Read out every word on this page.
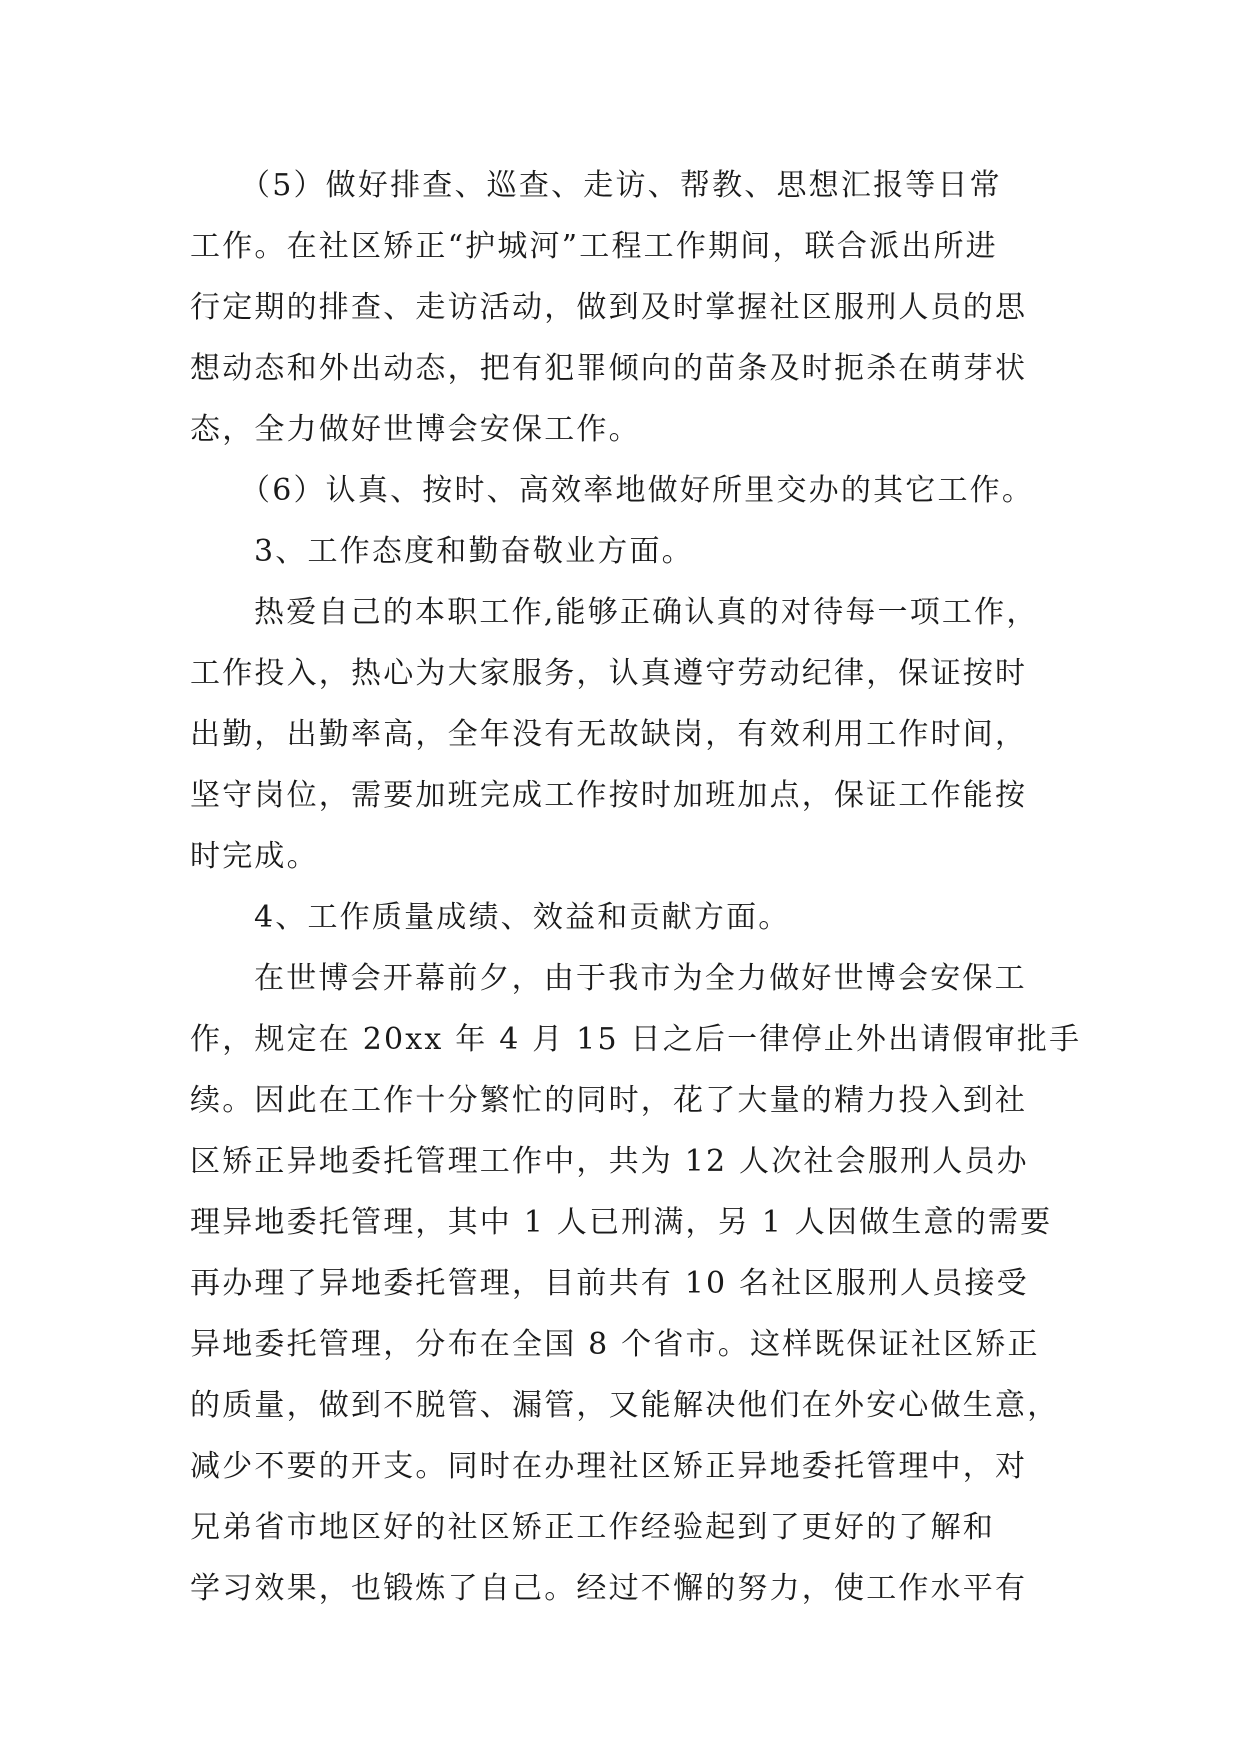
（5）做好排查、巡查、走访、帮教、思想汇报等日常
工作。在社区矫正“护城河”工程工作期间，联合派出所进
行定期的排查、走访活动，做到及时掌握社区服刑人员的思
想动态和外出动态，把有犯罪倾向的苗条及时扼杀在萌芽状
态，全力做好世博会安保工作。
（6）认真、按时、高效率地做好所里交办的其它工作。
3、工作态度和勤奋敬业方面。
热爱自己的本职工作,能够正确认真的对待每一项工作，
工作投入，热心为大家服务，认真遵守劳动纪律，保证按时
出勤，出勤率高，全年没有无故缺岗，有效利用工作时间，
坚守岗位，需要加班完成工作按时加班加点，保证工作能按
时完成。
4、工作质量成绩、效益和贡献方面。
在世博会开幕前夕，由于我市为全力做好世博会安保工
作，规定在 20xx 年 4 月 15 日之后一律停止外出请假审批手
续。因此在工作十分繁忙的同时，花了大量的精力投入到社
区矫正异地委托管理工作中，共为 12 人次社会服刑人员办
理异地委托管理，其中 1 人已刑满，另 1 人因做生意的需要
再办理了异地委托管理，目前共有 10 名社区服刑人员接受
异地委托管理，分布在全国 8 个省市。这样既保证社区矫正
的质量，做到不脱管、漏管，又能解决他们在外安心做生意，
减少不要的开支。同时在办理社区矫正异地委托管理中，对
兄弟省市地区好的社区矫正工作经验起到了更好的了解和
学习效果，也锻炼了自己。经过不懈的努力，使工作水平有
